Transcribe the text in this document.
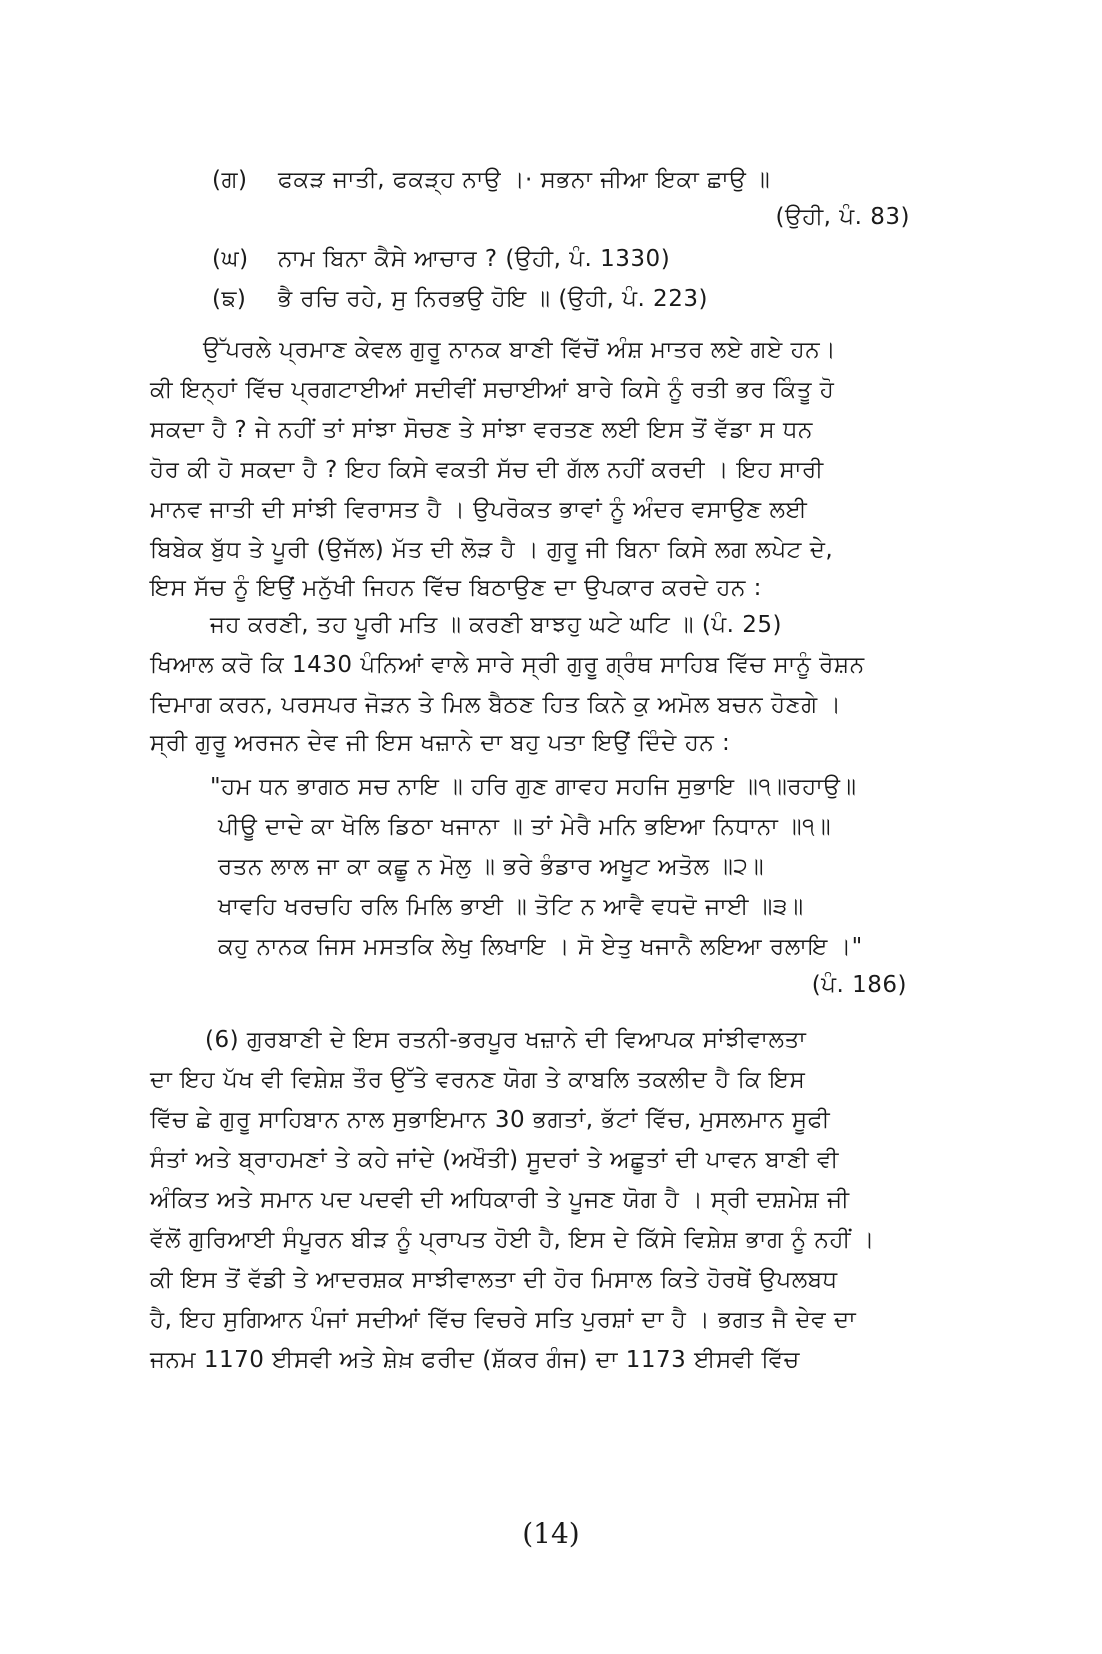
(ਗ) ਫਕੜ ਜਾਤੀ, ਫਕੜ੍ਹ ਨਾਉ ।· ਸਭਨਾ ਜੀਆ ਇਕਾ ਛਾਉ ॥
(ਉਹੀ, ਪੰ. 83)
(ਘ) ਨਾਮ ਬਿਨਾ ਕੈਸੇ ਆਚਾਰ ? (ਉਹੀ, ਪੰ. 1330)
(ਙ) ਭੈ ਰਚਿ ਰਹੇ, ਸੁ ਨਿਰਭਉ ਹੋਇ ॥ (ਉਹੀ, ਪੰ. 223)
ਉੱਪਰਲੇ ਪ੍ਰਮਾਣ ਕੇਵਲ ਗੁਰੂ ਨਾਨਕ ਬਾਣੀ ਵਿੱਚੋਂ ਅੰਸ਼ ਮਾਤਰ ਲਏ ਗਏ ਹਨ।
ਕੀ ਇਨ੍ਹਾਂ ਵਿੱਚ ਪ੍ਰਗਟਾਈਆਂ ਸਦੀਵੀਂ ਸਚਾਈਆਂ ਬਾਰੇ ਕਿਸੇ ਨੂੰ ਰਤੀ ਭਰ ਕਿੰਤੂ ਹੋ
ਸਕਦਾ ਹੈ ? ਜੇ ਨਹੀਂ ਤਾਂ ਸਾਂਝਾ ਸੋਚਣ ਤੇ ਸਾਂਝਾ ਵਰਤਣ ਲਈ ਇਸ ਤੋਂ ਵੱਡਾ ਸ ਧਨ
ਹੋਰ ਕੀ ਹੋ ਸਕਦਾ ਹੈ ? ਇਹ ਕਿਸੇ ਵਕਤੀ ਸੱਚ ਦੀ ਗੱਲ ਨਹੀਂ ਕਰਦੀ । ਇਹ ਸਾਰੀ
ਮਾਨਵ ਜਾਤੀ ਦੀ ਸਾਂਝੀ ਵਿਰਾਸਤ ਹੈ । ਉਪਰੋਕਤ ਭਾਵਾਂ ਨੂੰ ਅੰਦਰ ਵਸਾਉਣ ਲਈ
ਬਿਬੇਕ ਬੁੱਧ ਤੇ ਪੂਰੀ (ਉਜੱਲ) ਮੱਤ ਦੀ ਲੋੜ ਹੈ । ਗੁਰੂ ਜੀ ਬਿਨਾ ਕਿਸੇ ਲਗ ਲਪੇਟ ਦੇ,
ਇਸ ਸੱਚ ਨੂੰ ਇਉਂ ਮਨੁੱਖੀ ਜਿਹਨ ਵਿੱਚ ਬਿਠਾਉਣ ਦਾ ਉਪਕਾਰ ਕਰਦੇ ਹਨ :
ਜਹ ਕਰਣੀ, ਤਹ ਪੂਰੀ ਮਤਿ ॥ ਕਰਣੀ ਬਾਝਹੁ ਘਟੇ ਘਟਿ ॥ (ਪੰ. 25)
ਖਿਆਲ ਕਰੋ ਕਿ 1430 ਪੰਨਿਆਂ ਵਾਲੇ ਸਾਰੇ ਸ੍ਰੀ ਗੁਰੂ ਗ੍ਰੰਥ ਸਾਹਿਬ ਵਿੱਚ ਸਾਨੂੰ ਰੋਸ਼ਨ
ਦਿਮਾਗ ਕਰਨ, ਪਰਸਪਰ ਜੋੜਨ ਤੇ ਮਿਲ ਬੈਠਣ ਹਿਤ ਕਿਨੇ ਕੁ ਅਮੋਲ ਬਚਨ ਹੋਣਗੇ ।
ਸ੍ਰੀ ਗੁਰੂ ਅਰਜਨ ਦੇਵ ਜੀ ਇਸ ਖਜ਼ਾਨੇ ਦਾ ਬਹੁ ਪਤਾ ਇਉਂ ਦਿੰਦੇ ਹਨ :
"ਹਮ ਧਨ ਭਾਗਠ ਸਚ ਨਾਇ ॥ ਹਰਿ ਗੁਣ ਗਾਵਹ ਸਹਜਿ ਸੁਭਾਇ ॥੧॥ਰਹਾਉ॥
ਪੀਊ ਦਾਦੇ ਕਾ ਖੋਲਿ ਡਿਠਾ ਖਜਾਨਾ ॥ ਤਾਂ ਮੇਰੈ ਮਨਿ ਭਇਆ ਨਿਧਾਨਾ ॥੧॥
ਰਤਨ ਲਾਲ ਜਾ ਕਾ ਕਛੂ ਨ ਮੋਲੁ ॥ ਭਰੇ ਭੰਡਾਰ ਅਖੂਟ ਅਤੋਲ ॥੨॥
ਖਾਵਹਿ ਖਰਚਹਿ ਰਲਿ ਮਿਲਿ ਭਾਈ ॥ ਤੋਟਿ ਨ ਆਵੈ ਵਧਦੋ ਜਾਈ ॥੩॥
ਕਹੁ ਨਾਨਕ ਜਿਸ ਮਸਤਕਿ ਲੇਖੁ ਲਿਖਾਇ । ਸੋ ਏਤੁ ਖਜਾਨੈ ਲਇਆ ਰਲਾਇ ।"
(ਪੰ. 186)
(6) ਗੁਰਬਾਣੀ ਦੇ ਇਸ ਰਤਨੀ-ਭਰਪੂਰ ਖਜ਼ਾਨੇ ਦੀ ਵਿਆਪਕ ਸਾਂਝੀਵਾਲਤਾ
ਦਾ ਇਹ ਪੱਖ ਵੀ ਵਿਸ਼ੇਸ਼ ਤੌਰ ਉੱਤੇ ਵਰਨਣ ਯੋਗ ਤੇ ਕਾਬਲਿ ਤਕਲੀਦ ਹੈ ਕਿ ਇਸ
ਵਿੱਚ ਛੇ ਗੁਰੂ ਸਾਹਿਬਾਨ ਨਾਲ ਸੁਭਾਇਮਾਨ 30 ਭਗਤਾਂ, ਭੱਟਾਂ ਵਿੱਚ, ਮੁਸਲਮਾਨ ਸੂਫੀ
ਸੰਤਾਂ ਅਤੇ ਬ੍ਰਾਹਮਣਾਂ ਤੇ ਕਹੇ ਜਾਂਦੇ (ਅਖੌਤੀ) ਸੂਦਰਾਂ ਤੇ ਅਛੂਤਾਂ ਦੀ ਪਾਵਨ ਬਾਣੀ ਵੀ
ਅੰਕਿਤ ਅਤੇ ਸਮਾਨ ਪਦ ਪਦਵੀ ਦੀ ਅਧਿਕਾਰੀ ਤੇ ਪੂਜਣ ਯੋਗ ਹੈ । ਸ੍ਰੀ ਦਸ਼ਮੇਸ਼ ਜੀ
ਵੱਲੋਂ ਗੁਰਿਆਈ ਸੰਪੂਰਨ ਬੀੜ ਨੂੰ ਪ੍ਰਾਪਤ ਹੋਈ ਹੈ, ਇਸ ਦੇ ਕਿੱਸੇ ਵਿਸ਼ੇਸ਼ ਭਾਗ ਨੂੰ ਨਹੀਂ ।
ਕੀ ਇਸ ਤੋਂ ਵੱਡੀ ਤੇ ਆਦਰਸ਼ਕ ਸਾਝੀਵਾਲਤਾ ਦੀ ਹੋਰ ਮਿਸਾਲ ਕਿਤੇ ਹੋਰਥੇਂ ਉਪਲਬਧ
ਹੈ, ਇਹ ਸੁਗਿਆਨ ਪੰਜਾਂ ਸਦੀਆਂ ਵਿੱਚ ਵਿਚਰੇ ਸਤਿ ਪੁਰਸ਼ਾਂ ਦਾ ਹੈ । ਭਗਤ ਜੈ ਦੇਵ ਦਾ
ਜਨਮ 1170 ਈਸਵੀ ਅਤੇ ਸ਼ੇਖ਼ ਫਰੀਦ (ਸ਼ੱਕਰ ਗੰਜ) ਦਾ 1173 ਈਸਵੀ ਵਿੱਚ
(14)
